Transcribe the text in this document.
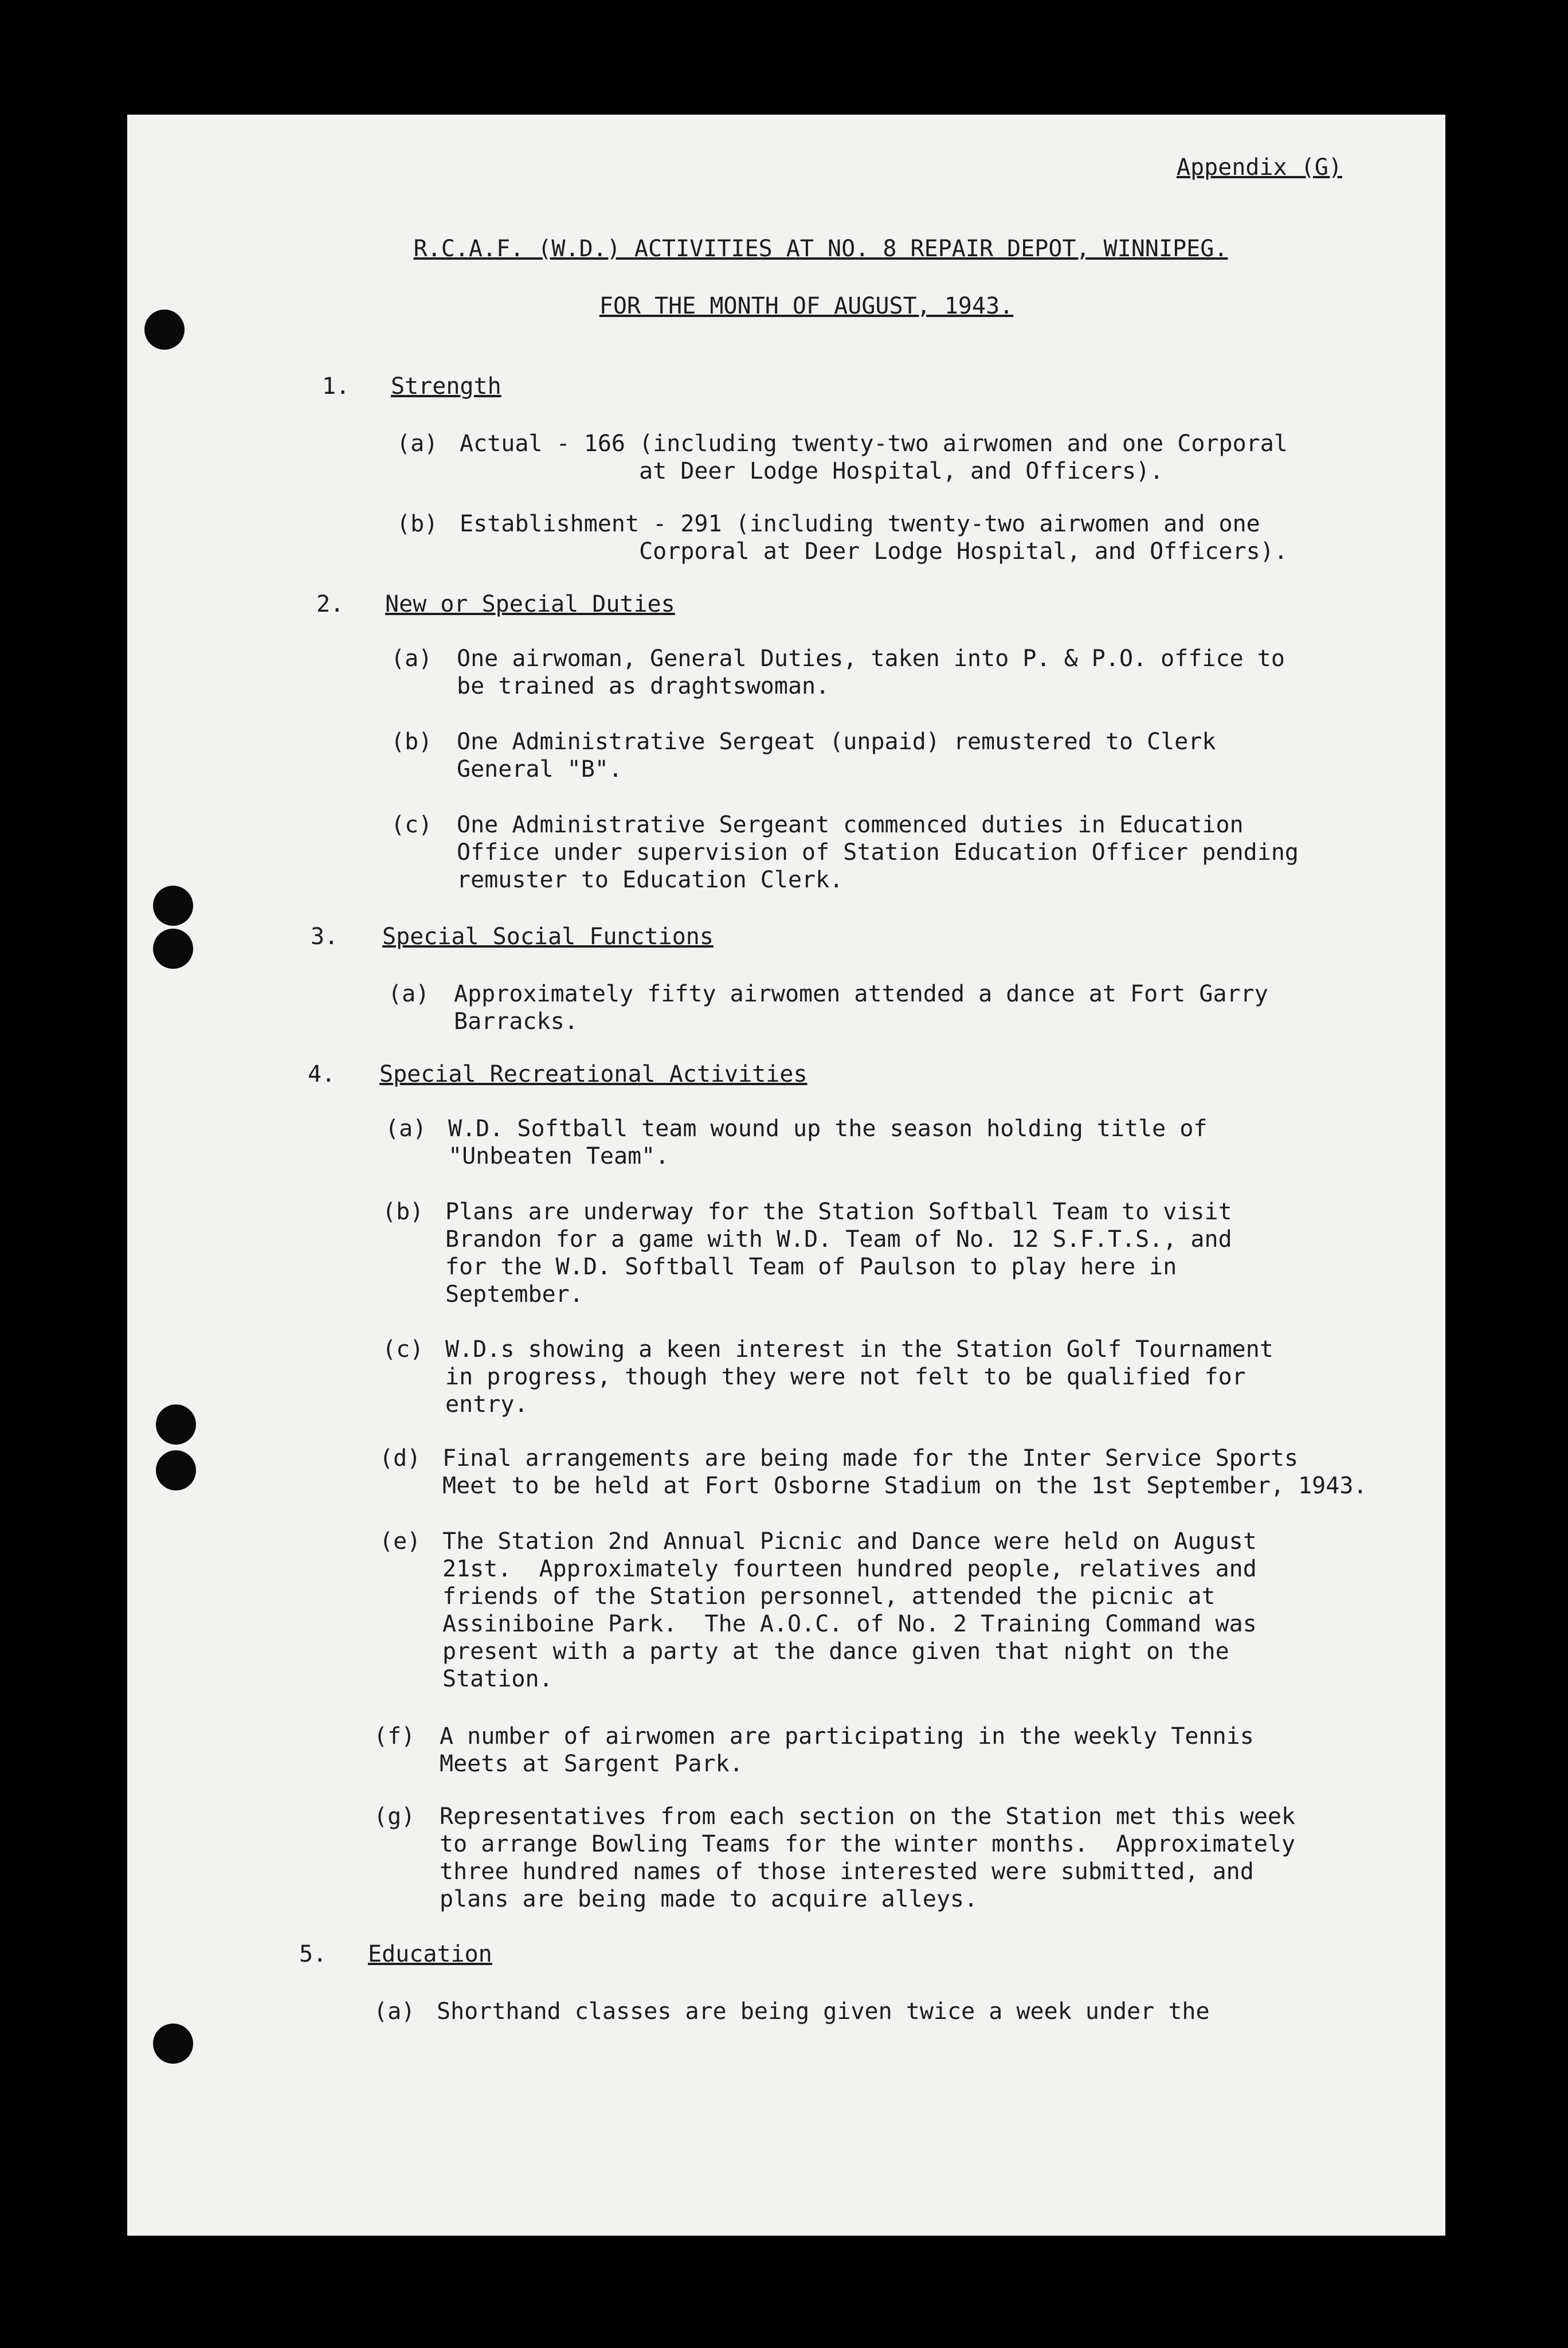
Appendix (G)
R.C.A.F. (W.D.) ACTIVITIES AT NO. 8 REPAIR DEPOT, WINNIPEG.
FOR THE MONTH OF AUGUST, 1943.
1.	Strength
(a) Actual - 166 (including twenty-two airwomen and one Corporal
at Deer Lodge Hospital, and Officers).
(b) Establishment - 291 (including twenty-two airwomen and one
Corporal at Deer Lodge Hospital, and Officers).
2.	New or Special Duties
(a)	One airwoman, General Duties, taken into P. & P.O. office to
be trained as draghtswoman.
(b)	One Administrative Sergeat (unpaid) remustered to Clerk
General "B".
(c)	One Administrative Sergeant commenced duties in Education
Office under supervision of Station Education Officer pending
remuster to Education Clerk.
3.	Special Social Functions
(a)	Approximately fifty airwomen attended a dance at Fort Garry
Barracks.
4.	Special Recreational Activities
(a) W.D. Softball team wound up the season holding title of
"Unbeaten Team".
(b) Plans are underway for the Station Softball Team to visit
Brandon for a game with W.D. Team of No. 12 S.F.T.S., and
for the W.D. Softball Team of Paulson to play here in
September.
(c) W.D.s showing a keen interest in the Station Golf Tournament
in progress, though they were not felt to be qualified for
entry.
(d) Final arrangements are being made for the Inter Service Sports
Meet to be held at Fort Osborne Stadium on the 1st September, 1943.
(e) The Station 2nd Annual Picnic and Dance were held on August
21st.  Approximately fourteen hundred people, relatives and
friends of the Station personnel, attended the picnic at
Assiniboine Park.  The A.O.C. of No. 2 Training Command was
present with a party at the dance given that night on the
Station.
(f)	A number of airwomen are participating in the weekly Tennis
Meets at Sargent Park.
(g)	Representatives from each section on the Station met this week
to arrange Bowling Teams for the winter months.  Approximately
three hundred names of those interested were submitted, and
plans are being made to acquire alleys.
5.	Education
(a) Shorthand classes are being given twice a week under the
